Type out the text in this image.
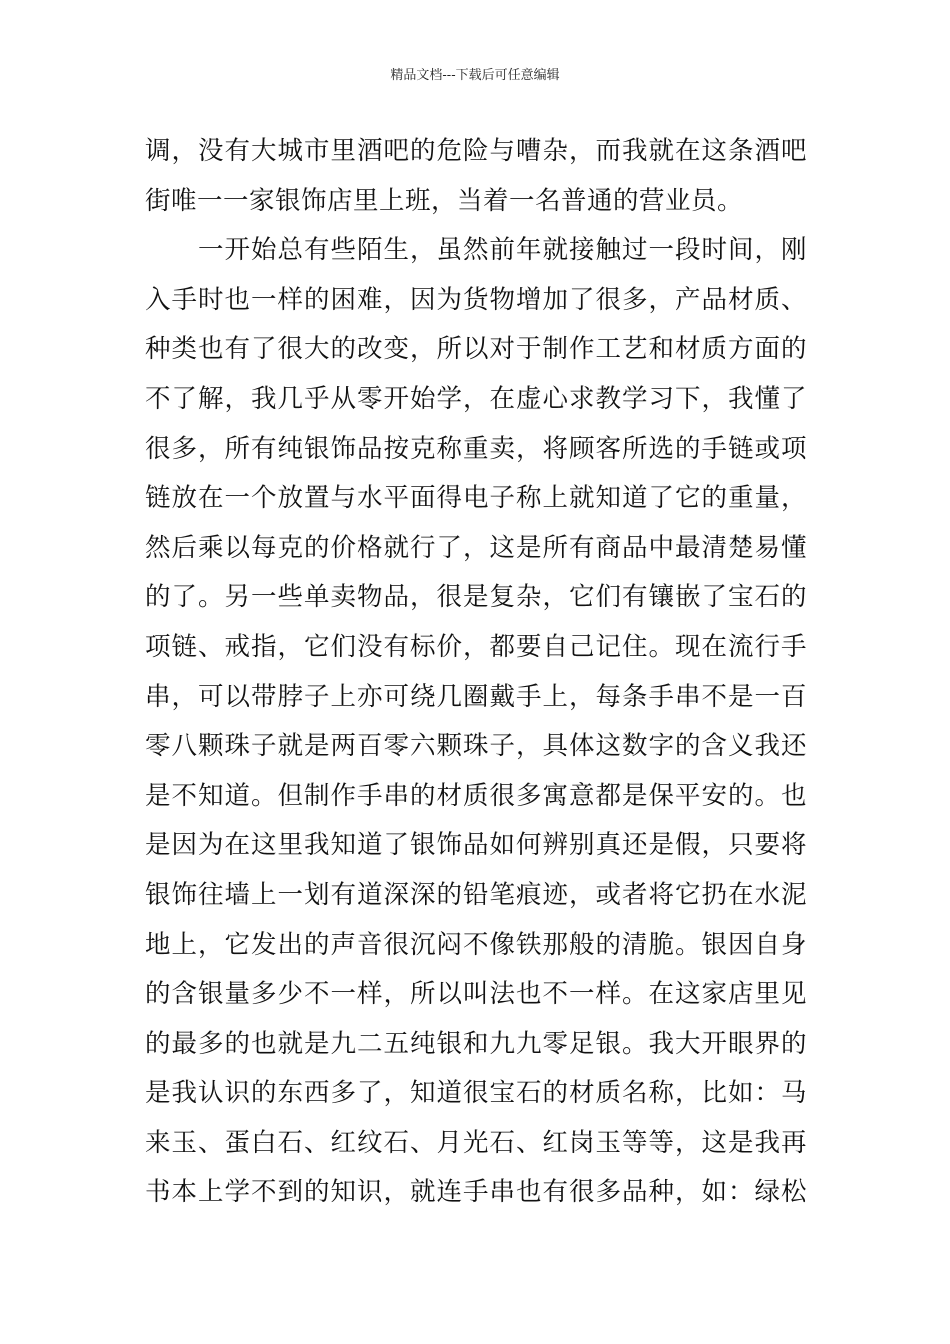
精品文档---下载后可任意编辑
调，没有大城市里酒吧的危险与嘈杂，而我就在这条酒吧
街唯一一家银饰店里上班，当着一名普通的营业员。
　　一开始总有些陌生，虽然前年就接触过一段时间，刚
入手时也一样的困难，因为货物增加了很多，产品材质、
种类也有了很大的改变，所以对于制作工艺和材质方面的
不了解，我几乎从零开始学，在虚心求教学习下，我懂了
很多，所有纯银饰品按克称重卖，将顾客所选的手链或项
链放在一个放置与水平面得电子称上就知道了它的重量，
然后乘以每克的价格就行了，这是所有商品中最清楚易懂
的了。另一些单卖物品，很是复杂，它们有镶嵌了宝石的
项链、戒指，它们没有标价，都要自己记住。现在流行手
串，可以带脖子上亦可绕几圈戴手上，每条手串不是一百
零八颗珠子就是两百零六颗珠子，具体这数字的含义我还
是不知道。但制作手串的材质很多寓意都是保平安的。也
是因为在这里我知道了银饰品如何辨别真还是假，只要将
银饰往墙上一划有道深深的铅笔痕迹，或者将它扔在水泥
地上，它发出的声音很沉闷不像铁那般的清脆。银因自身
的含银量多少不一样，所以叫法也不一样。在这家店里见
的最多的也就是九二五纯银和九九零足银。我大开眼界的
是我认识的东西多了，知道很宝石的材质名称，比如：马
来玉、蛋白石、红纹石、月光石、红岗玉等等，这是我再
书本上学不到的知识，就连手串也有很多品种，如：绿松
